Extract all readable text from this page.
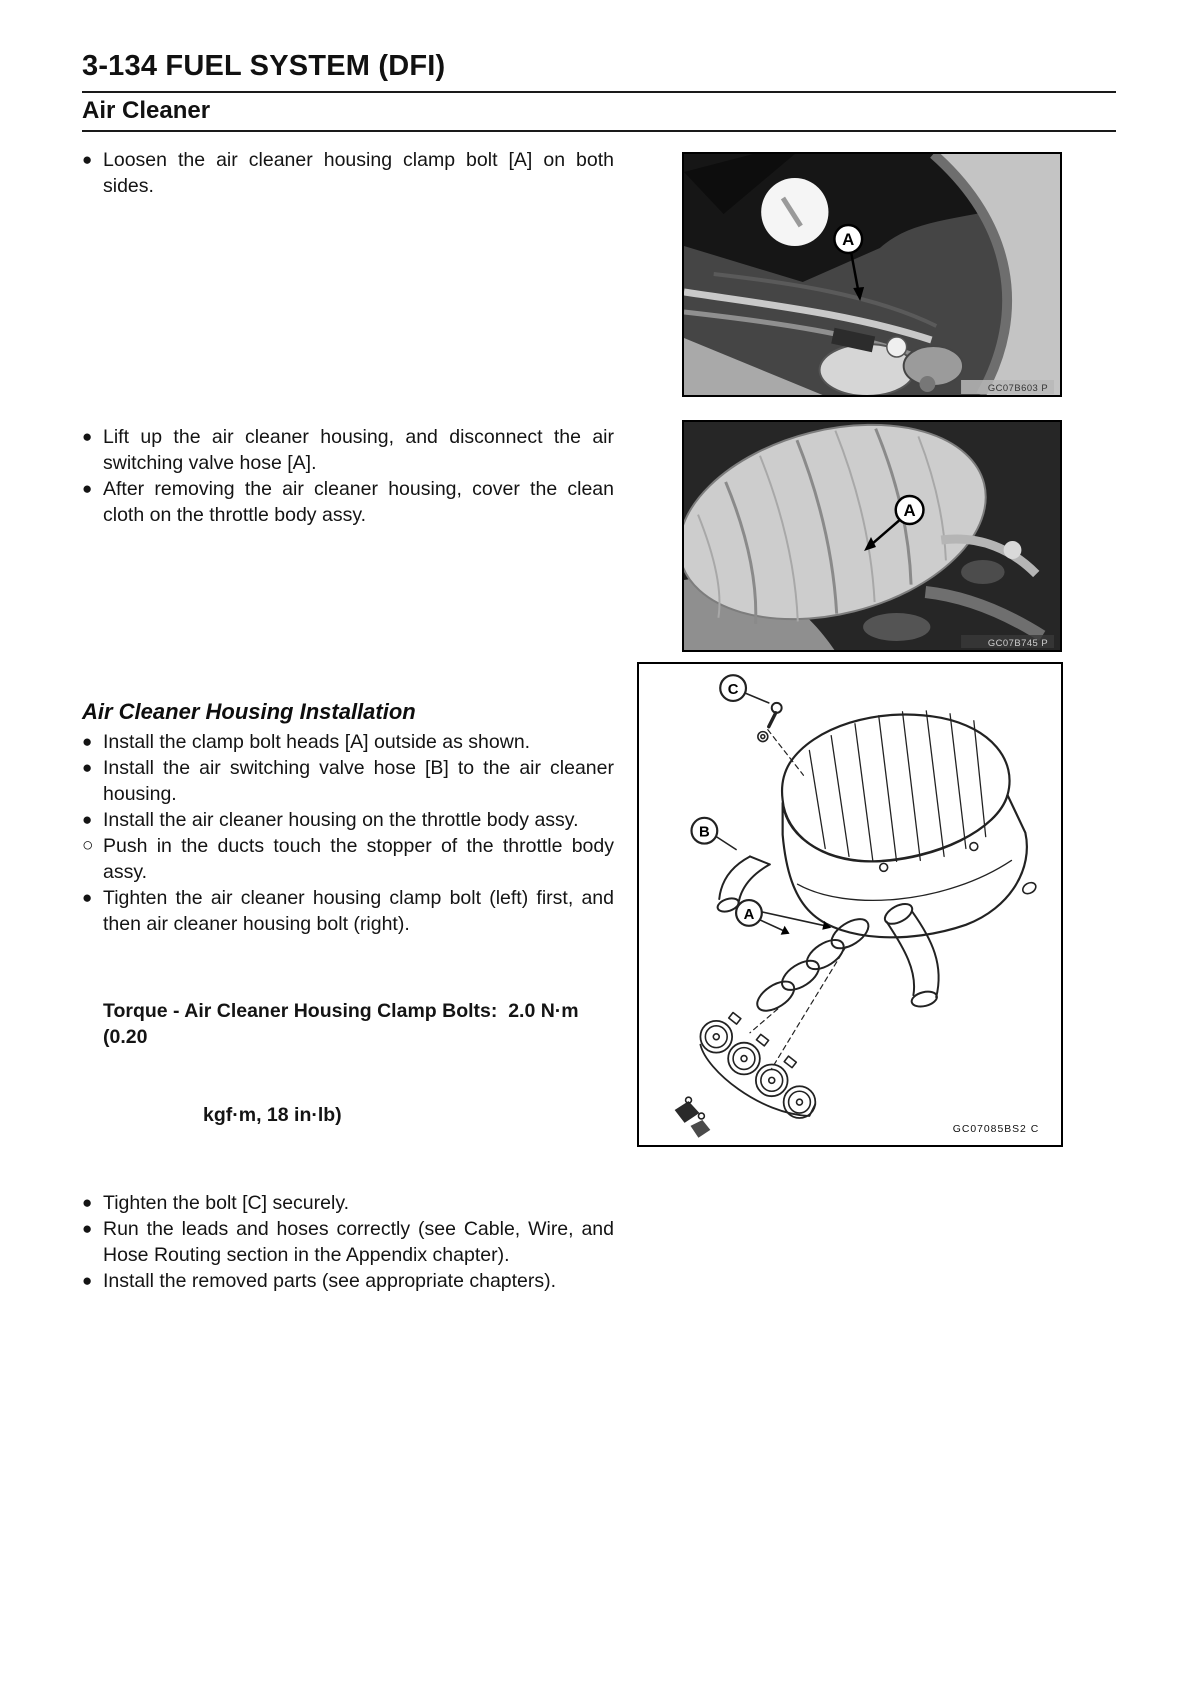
3-134 FUEL SYSTEM (DFI)
Air Cleaner
● Loosen the air cleaner housing clamp bolt [A] on both sides.
● Lift up the air cleaner housing, and disconnect the air switching valve hose [A].
● After removing the air cleaner housing, cover the clean cloth on the throttle body assy.
Air Cleaner Housing Installation
● Install the clamp bolt heads [A] outside as shown.
● Install the air switching valve hose [B] to the air cleaner housing.
● Install the air cleaner housing on the throttle body assy.
○ Push in the ducts touch the stopper of the throttle body assy.
● Tighten the air cleaner housing clamp bolt (left) first, and then air cleaner housing bolt (right).

Torque - Air Cleaner Housing Clamp Bolts:  2.0 N·m (0.20

kgf·m, 18 in·lb)

● Tighten the bolt [C] securely.
● Run the leads and hoses correctly (see Cable, Wire, and Hose Routing section in the Appendix chapter).
● Install the removed parts (see appropriate chapters).
A
GC07B603 P
A
GC07B745 P
C
B
A
GC07085BS2 C
